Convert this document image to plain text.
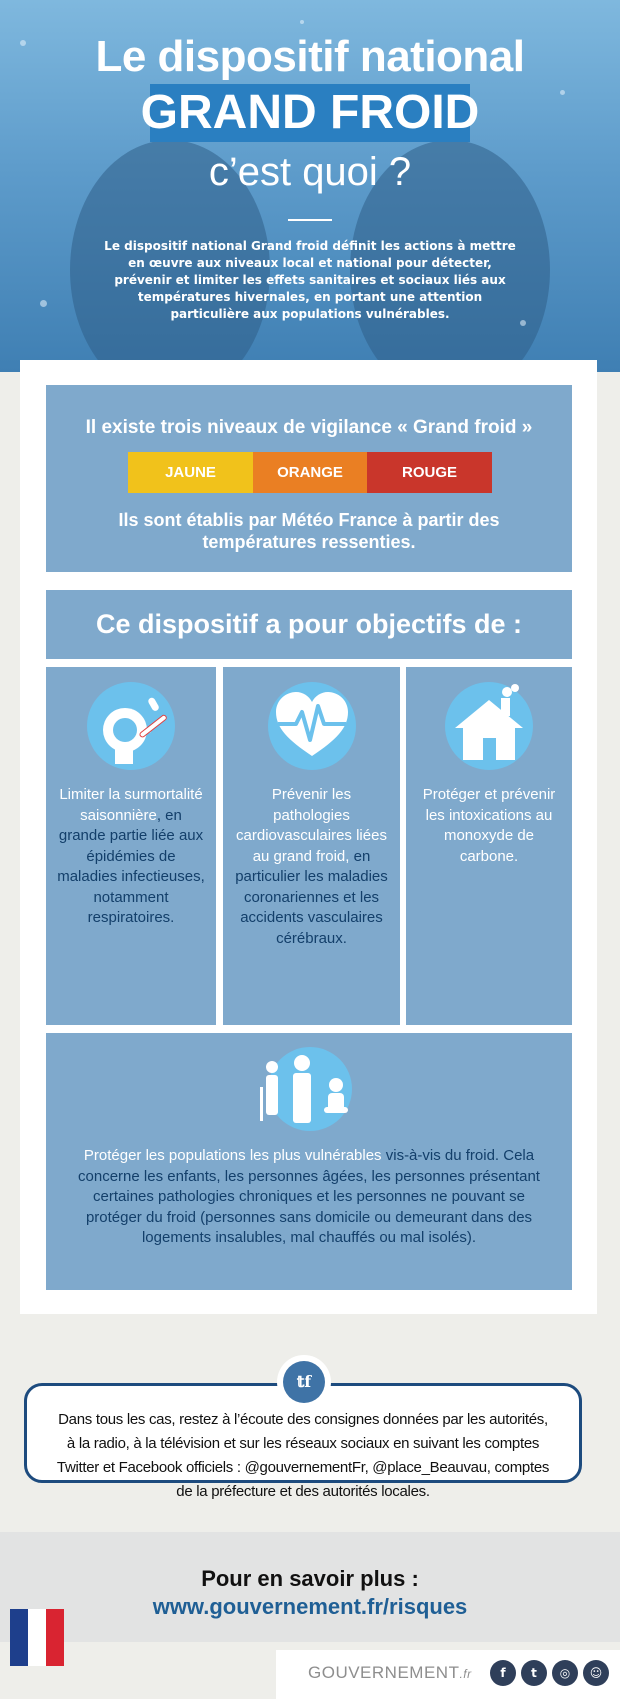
Le dispositif national
GRAND FROID
c’est quoi ?

Le dispositif national Grand froid définit les actions à mettre en œuvre aux niveaux local et national pour détecter, prévenir et limiter les effets sanitaires et sociaux liés aux températures hivernales, en portant une attention particulière aux populations vulnérables.

Il existe trois niveaux de vigilance « Grand froid »

JAUNE	ORANGE	ROUGE

Ils sont établis par Météo France à partir des températures ressenties.

Ce dispositif a pour objectifs de :

Limiter la surmortalité saisonnière, en grande partie liée aux épidémies de maladies infectieuses, notamment respiratoires.

Prévenir les pathologies cardiovasculaires liées au grand froid, en particulier les maladies coronariennes et les accidents vasculaires cérébraux.

Protéger et prévenir les intoxications au monoxyde de carbone.

Protéger les populations les plus vulnérables vis-à-vis du froid. Cela concerne les enfants, les personnes âgées, les personnes présentant certaines pathologies chroniques et les personnes ne pouvant se protéger du froid (personnes sans domicile ou demeurant dans des logements insalubles, mal chauffés ou mal isolés).

Dans tous les cas, restez à l’écoute des consignes données par les autorités, à la radio, à la télévision et sur les réseaux sociaux en suivant les comptes Twitter et Facebook officiels : @gouvernementFr, @place_Beauvau, comptes de la préfecture et des autorités locales.

𝕥f

Pour en savoir plus :

www.gouvernement.fr/risques

GOUVERNEMENT.fr	f	t	◎	☺
